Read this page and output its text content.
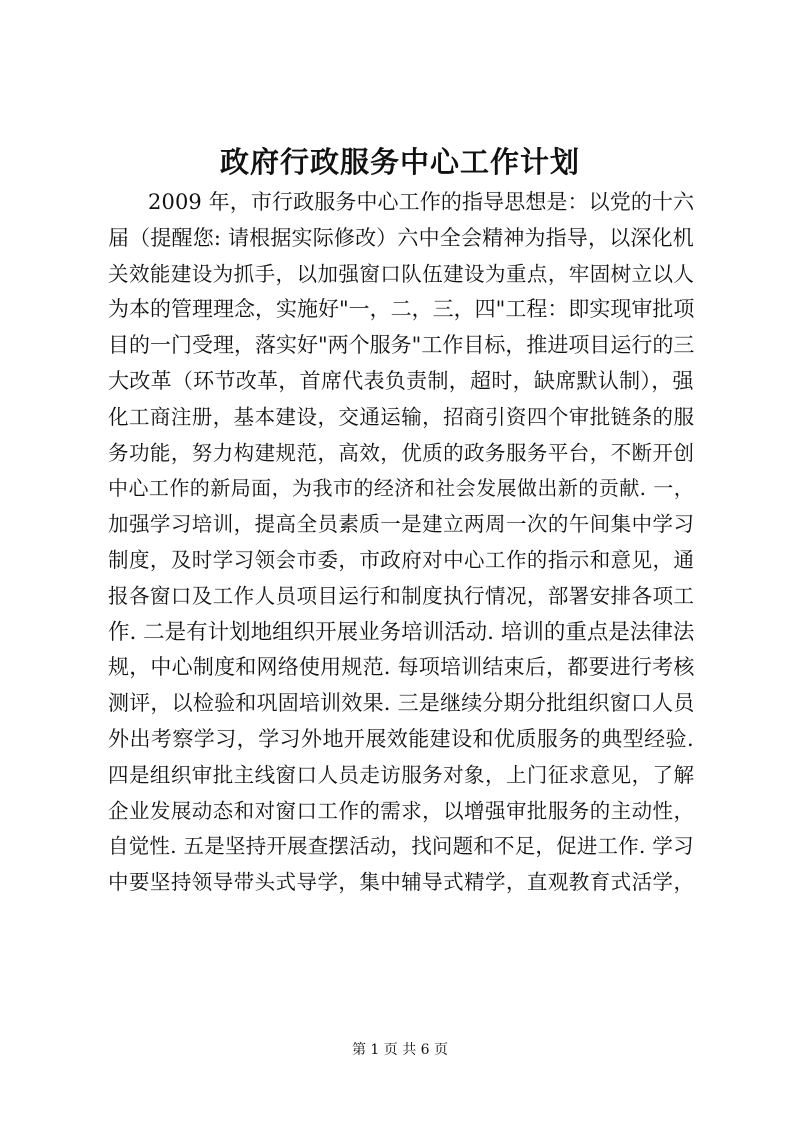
政府行政服务中心工作计划
2009 年，市行政服务中心工作的指导思想是：以党的十六
届（提醒您: 请根据实际修改）六中全会精神为指导，以深化机
关效能建设为抓手，以加强窗口队伍建设为重点，牢固树立以人
为本的管理理念，实施好"一，二，三，四"工程：即实现审批项
目的一门受理，落实好"两个服务"工作目标，推进项目运行的三
大改革（环节改革，首席代表负责制，超时，缺席默认制），强
化工商注册，基本建设，交通运输，招商引资四个审批链条的服
务功能，努力构建规范，高效，优质的政务服务平台，不断开创
中心工作的新局面，为我市的经济和社会发展做出新的贡献. 一，
加强学习培训，提高全员素质一是建立两周一次的午间集中学习
制度，及时学习领会市委，市政府对中心工作的指示和意见，通
报各窗口及工作人员项目运行和制度执行情况，部署安排各项工
作. 二是有计划地组织开展业务培训活动. 培训的重点是法律法
规，中心制度和网络使用规范. 每项培训结束后，都要进行考核
测评，以检验和巩固培训效果. 三是继续分期分批组织窗口人员
外出考察学习，学习外地开展效能建设和优质服务的典型经验.
四是组织审批主线窗口人员走访服务对象，上门征求意见，了解
企业发展动态和对窗口工作的需求，以增强审批服务的主动性，
自觉性. 五是坚持开展查摆活动，找问题和不足，促进工作. 学习
中要坚持领导带头式导学，集中辅导式精学，直观教育式活学，
第 1 页 共 6 页
